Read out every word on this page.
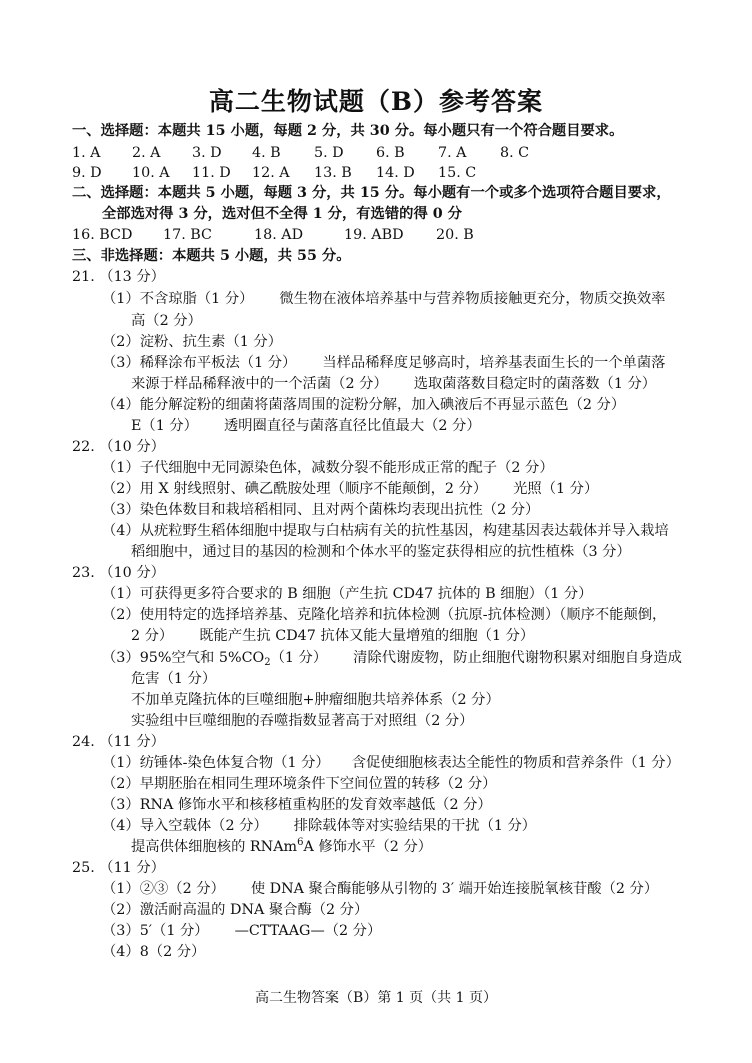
高二生物试题（B）参考答案
一、选择题：本题共 15 小题，每题 2 分，共 30 分。每小题只有一个符合题目要求。
1. A 2. A 3. D 4. B 5. D 6. B 7. A 8. C
9. D 10. A 11. D 12. A 13. B 14. D 15. C
二、选择题：本题共 5 小题，每题 3 分，共 15 分。每小题有一个或多个选项符合题目要求，
全部选对得 3 分，选对但不全得 1 分，有选错的得 0 分
16. BCD 17. BC	18. AD	19. ABD 20. B
三、非选择题：本题共 5 小题，共 55 分。
21. （13 分）
（1）不含琼脂（1 分） 微生物在液体培养基中与营养物质接触更充分，物质交换效率
高（2 分）
（2）淀粉、抗生素（1 分）
（3）稀释涂布平板法（1 分） 当样品稀释度足够高时，培养基表面生长的一个单菌落
来源于样品稀释液中的一个活菌（2 分） 选取菌落数目稳定时的菌落数（1 分）
（4）能分解淀粉的细菌将菌落周围的淀粉分解，加入碘液后不再显示蓝色（2 分）
E（1 分） 透明圈直径与菌落直径比值最大（2 分）
22. （10 分）
（1）子代细胞中无同源染色体，减数分裂不能形成正常的配子（2 分）
（2）用 X 射线照射、碘乙酰胺处理（顺序不能颠倒，2 分） 光照（1 分）
（3）染色体数目和栽培稻相同、且对两个菌株均表现出抗性（2 分）
（4）从疣粒野生稻体细胞中提取与白枯病有关的抗性基因，构建基因表达载体并导入栽培
稻细胞中，通过目的基因的检测和个体水平的鉴定获得相应的抗性植株（3 分）
23. （10 分）
（1）可获得更多符合要求的 B 细胞（产生抗 CD47 抗体的 B 细胞）（1 分）
（2）使用特定的选择培养基、克隆化培养和抗体检测（抗原-抗体检测）（顺序不能颠倒，
2 分） 既能产生抗 CD47 抗体又能大量增殖的细胞（1 分）
（3）95%空气和 $5\%CO_2(1$ 分） 清除代谢废物，防止细胞代谢物积累对细胞自身造成
危害（1 分）
不加单克隆抗体的巨噬细胞+肿瘤细胞共培养体系（2 分）
实验组中巨噬细胞的吞噬指数显著高于对照组（2 分）
24. （11 分）
（1）纺锤体-染色体复合物（1 分） 含促使细胞核表达全能性的物质和营养条件（1 分）
（2）早期胚胎在相同生理环境条件下空间位置的转移（2 分）
（3）RNA 修饰水平和核移植重构胚的发育效率越低（2 分）
（4）导入空载体（2 分） 排除载体等对实验结果的干扰（1 分）
提高供体细胞核的 RNAm$^6$A 修饰水平（2 分）
25. （11 分）
（1）②③（2 分） 使 DNA 聚合酶能够从引物的 3′ 端开始连接脱氧核苷酸（2 分）
（2）激活耐高温的 DNA 聚合酶（2 分）
（3）5′（1 分） —CTTAAG—（2 分）
（4）8（2 分）
高二生物答案（B）第 1 页（共 1 页）
